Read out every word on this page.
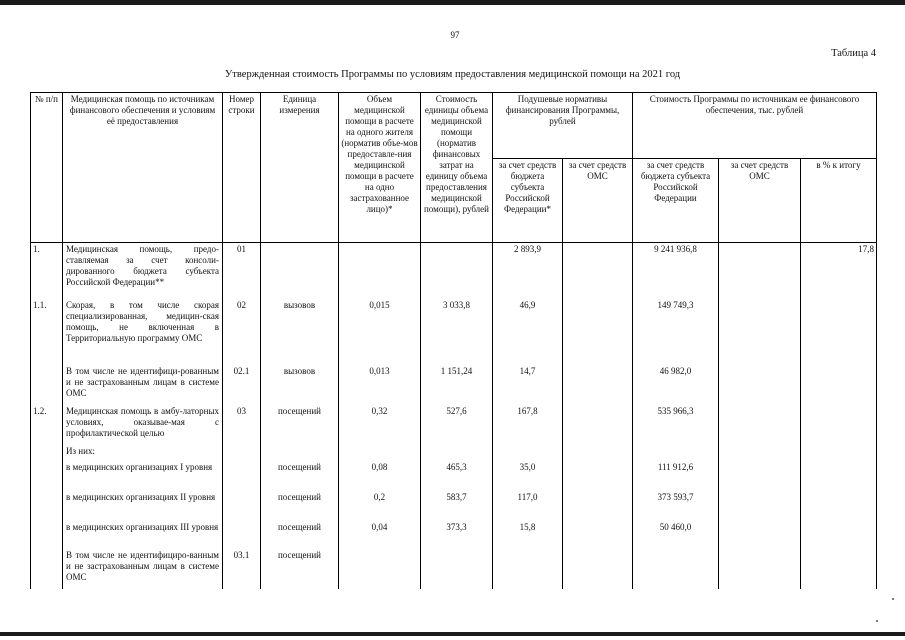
97
Таблица 4
Утвержденная стоимость Программы по условиям предоставления медицинской помощи на 2021 год
№ п/п	Медицинская помощь по источникам финансового обеспечения и условиям её предоставления	Номер строки	Единица измерения	Объем медицинской помощи в расчете на одного жителя (норматив объе-мов предоставле-ния медицинской помощи в расчете на одно застрахованное лицо)*	Стоимость единицы объема медицинской помощи (норматив финансовых затрат на единицу объема предоставления медицинской помощи), рублей	Подушевые нормативы финансирования Программы, рублей		Стоимость Программы по источникам ее финансового обеспечения, тыс. рублей		
						за счет средств бюджета субъекта Российской Федерации*	за счет средств ОМС	за счет средств бюджета субъекта Российской Федерации	за счет средств ОМС	в % к итогу
1.	Медицинская помощь, предо-ставляемая за счет консоли-дированного бюджета субъекта Российской Федерации**	01				2 893,9		9 241 936,8		17,8
1.1.	Скорая, в том числе скорая специализированная, медицин-ская помощь, не включенная в Территориальную программу ОМС	02	вызовов	0,015	3 033,8	46,9		149 749,3		
	В том числе не идентифици-рованным и не застрахованным лицам в системе ОМС	02.1	вызовов	0,013	1 151,24	14,7		46 982,0		
1.2.	Медицинская помощь в амбу-латорных условиях, оказывае-мая с профилактической целью	03	посещений	0,32	527,6	167,8		535 966,3		
	Из них:									
	в медицинских организациях I уровня		посещений	0,08	465,3	35,0		111 912,6		
	в медицинских организациях II уровня		посещений	0,2	583,7	117,0		373 593,7		
	в медицинских организациях III уровня		посещений	0,04	373,3	15,8		50 460,0		
	В том числе не идентифициро-ванным и не застрахованным лицам в системе ОМС	03.1	посещений							
